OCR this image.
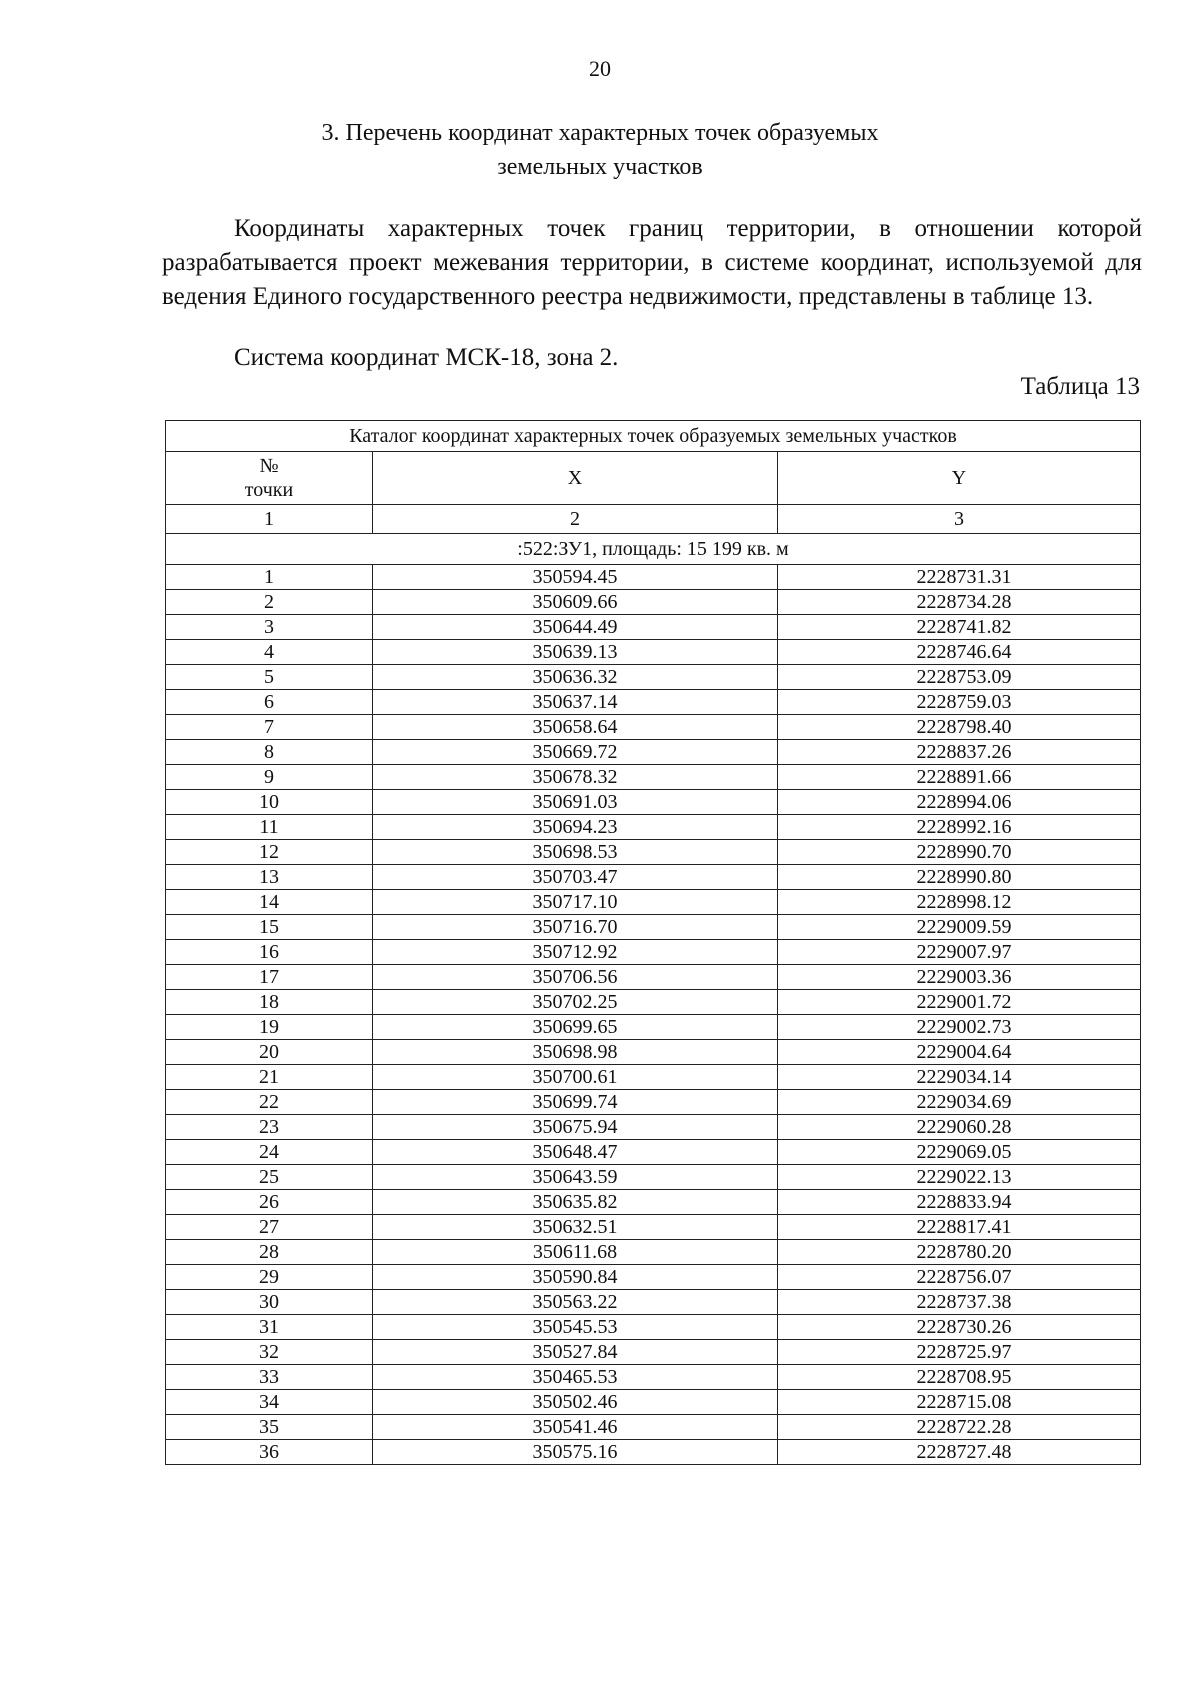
20
3. Перечень координат характерных точек образуемых
земельных участков

Координаты характерных точек границ территории, в отношении которой разрабатывается проект межевания территории, в системе координат, используемой для ведения Единого государственного реестра недвижимости, представлены в таблице 13.

Система координат МСК-18, зона 2.
Таблица 13
Каталог координат характерных точек образуемых земельных участков		

№
точки	X	Y
1	2	3
:522:ЗУ1, площадь: 15 199 кв. м		
1	350594.45	2228731.31
2	350609.66	2228734.28
3	350644.49	2228741.82
4	350639.13	2228746.64
5	350636.32	2228753.09
6	350637.14	2228759.03
7	350658.64	2228798.40
8	350669.72	2228837.26
9	350678.32	2228891.66
10	350691.03	2228994.06
11	350694.23	2228992.16
12	350698.53	2228990.70
13	350703.47	2228990.80
14	350717.10	2228998.12
15	350716.70	2229009.59
16	350712.92	2229007.97
17	350706.56	2229003.36
18	350702.25	2229001.72
19	350699.65	2229002.73
20	350698.98	2229004.64
21	350700.61	2229034.14
22	350699.74	2229034.69
23	350675.94	2229060.28
24	350648.47	2229069.05
25	350643.59	2229022.13
26	350635.82	2228833.94
27	350632.51	2228817.41
28	350611.68	2228780.20
29	350590.84	2228756.07
30	350563.22	2228737.38
31	350545.53	2228730.26
32	350527.84	2228725.97
33	350465.53	2228708.95
34	350502.46	2228715.08
35	350541.46	2228722.28
36	350575.16	2228727.48
